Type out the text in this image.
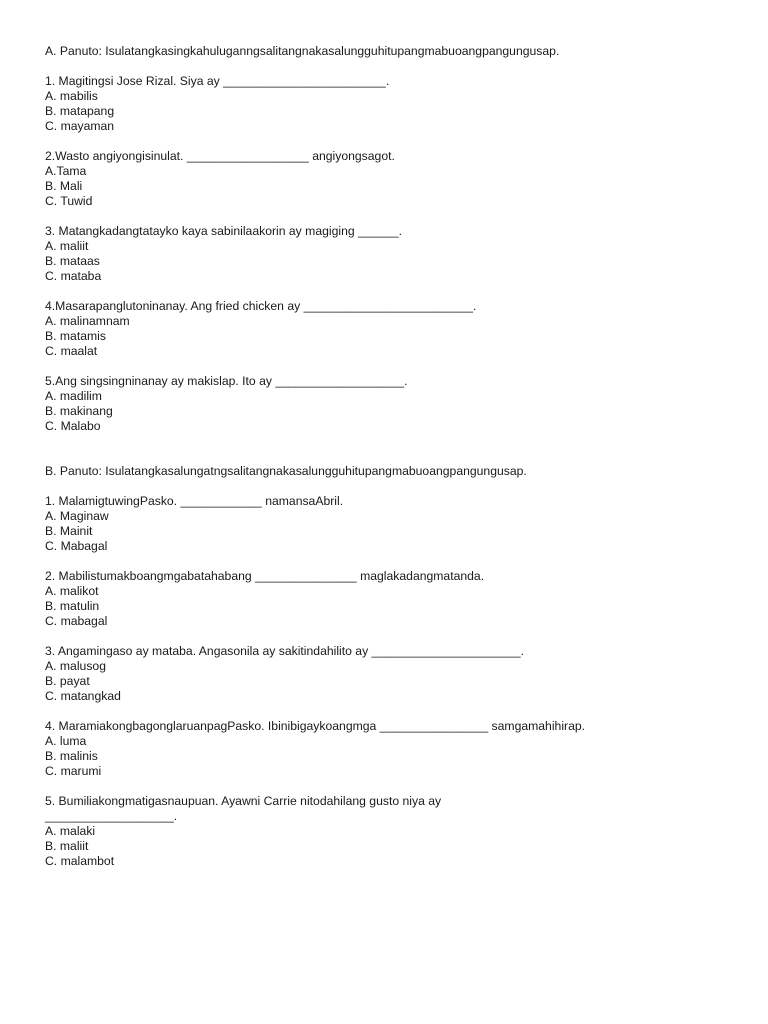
A. Panuto: Isulatangkasingkahuluganngsalitangnakasalungguhitupangmabuoangpangungusap.
1. Magitingsi Jose Rizal. Siya ay ________________________.
A. mabilis
B. matapang
C. mayaman
2.Wasto angiyongisinulat. __________________ angiyongsagot.
A.Tama
B. Mali
C. Tuwid
3. Matangkadangtatayko kaya sabinilaakorin ay magiging ______.
A. maliit
B. mataas
C. mataba
4.Masarapanglutoninanay. Ang fried chicken ay _________________________.
A. malinamnam
B. matamis
C. maalat
5.Ang singsingninanay ay makislap. Ito ay ___________________.
A. madilim
B. makinang
C. Malabo
B. Panuto: Isulatangkasalungatngsalitangnakasalungguhitupangmabuoangpangungusap.
1. MalamigtuwingPasko. ____________ namansaAbril.
A. Maginaw
B. Mainit
C. Mabagal
2. Mabilistumakboangmgabatahabang _______________ maglakadangmatanda.
A. malikot
B. matulin
C. mabagal
3. Angamingaso ay mataba. Angasonila ay sakitindahilito ay ______________________.
A. malusog
B. payat
C. matangkad
4. MaramiakongbagonglaruanpagPasko. Ibinibigaykoangmga ________________ samgamahihirap.
A. luma
B. malinis
C. marumi
5. Bumiliakongmatigasnaupuan. Ayawni Carrie nitodahilang gusto niya ay
___________________.
A. malaki
B. maliit
C. malambot
